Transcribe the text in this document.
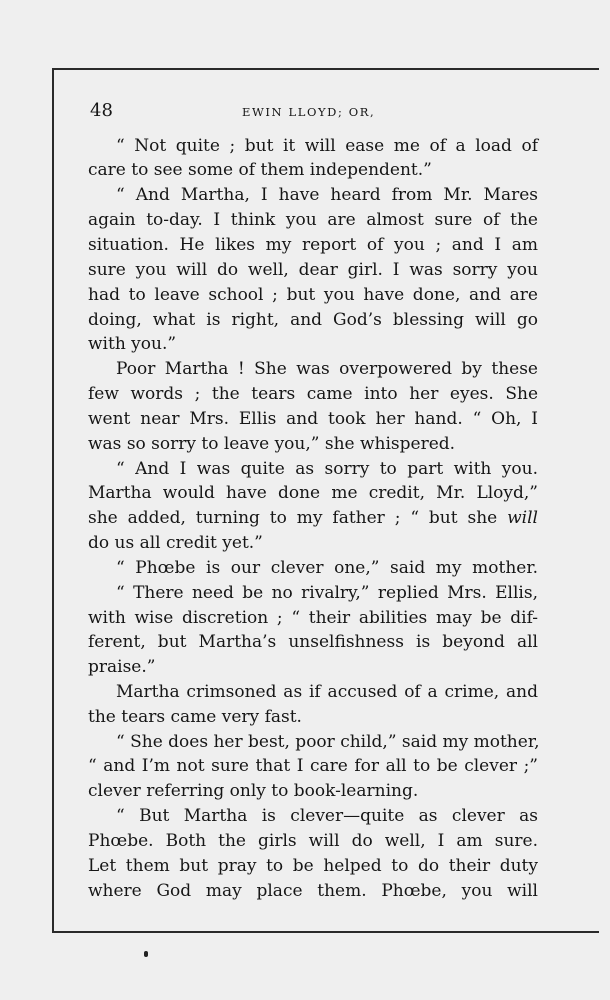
48	EWIN LLOYD; OR,
“ Not quite ; but it will ease me of a load of
care to see some of them independent.”
“ And Martha, I have heard from Mr. Mares
again to-day. I think you are almost sure of the
situation. He likes my report of you ; and I am
sure you will do well, dear girl. I was sorry you
had to leave school ; but you have done, and are
doing, what is right, and God’s blessing will go
with you.”
Poor Martha ! She was overpowered by these
few words ; the tears came into her eyes. She
went near Mrs. Ellis and took her hand. “ Oh, I
was so sorry to leave you,” she whispered.
“ And I was quite as sorry to part with you.
Martha would have done me credit, Mr. Lloyd,”
she added, turning to my father ; “ but she will
do us all credit yet.”
“ Phœbe is our clever one,” said my mother.
“ There need be no rivalry,” replied Mrs. Ellis,
with wise discretion ; “ their abilities may be dif-
ferent, but Martha’s unselfishness is beyond all
praise.”
Martha crimsoned as if accused of a crime, and
the tears came very fast.
“ She does her best, poor child,” said my mother,
“ and I’m not sure that I care for all to be clever ;”
clever referring only to book-learning.
“ But Martha is clever—quite as clever as
Phœbe. Both the girls will do well, I am sure.
Let them but pray to be helped to do their duty
where God may place them. Phœbe, you will
